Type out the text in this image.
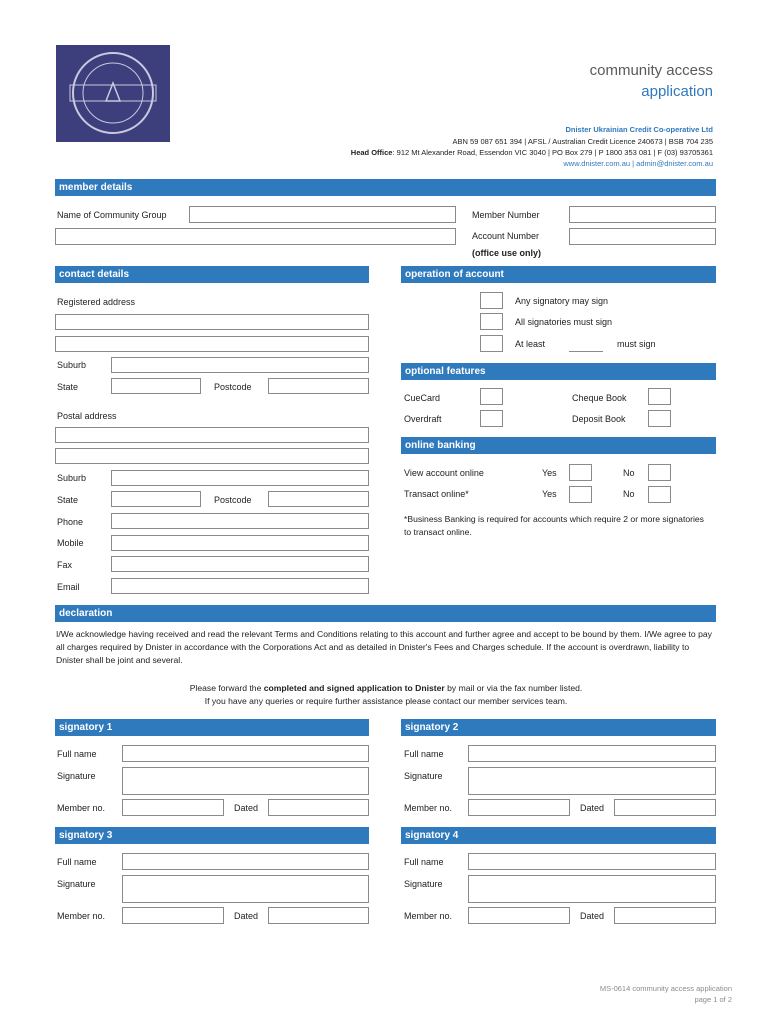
community access
application
Dnister Ukrainian Credit Co-operative Ltd
ABN 59 087 651 394 | AFSL / Australian Credit Licence 240673 | BSB 704 235
Head Office: 912 Mt Alexander Road, Essendon VIC 3040 | PO Box 279 | P 1800 353 081 | F (03) 93705361
www.dnister.com.au | admin@dnister.com.au
member details
Name of Community Group	Member Number
Account Number
(office use only)
contact details
Registered address
Suburb
State	Postcode
Postal address
Suburb
State	Postcode
Phone
Mobile
Fax
Email
operation of account
Any signatory may sign
All signatories must sign
At least	must sign
optional features
CueCard	Cheque Book
Overdraft	Deposit Book
online banking
View account online	Yes	No
Transact online*	Yes	No
*Business Banking is required for accounts which require 2 or more signatories to transact online.
declaration
I/We acknowledge having received and read the relevant Terms and Conditions relating to this account and further agree and accept to be bound by them. I/We agree to pay all charges required by Dnister in accordance with the Corporations Act and as detailed in Dnister's Fees and Charges schedule. If the account is overdrawn, liability to Dnister shall be joint and several.
Please forward the completed and signed application to Dnister by mail or via the fax number listed.
If you have any queries or require further assistance please contact our member services team.
signatory 1
Full name
Signature
Member no.	Dated
signatory 2
Full name
Signature
Member no.	Dated
signatory 3
Full name
Signature
Member no.	Dated
signatory 4
Full name
Signature
Member no.	Dated
MS-0614 community access application
page 1 of 2
